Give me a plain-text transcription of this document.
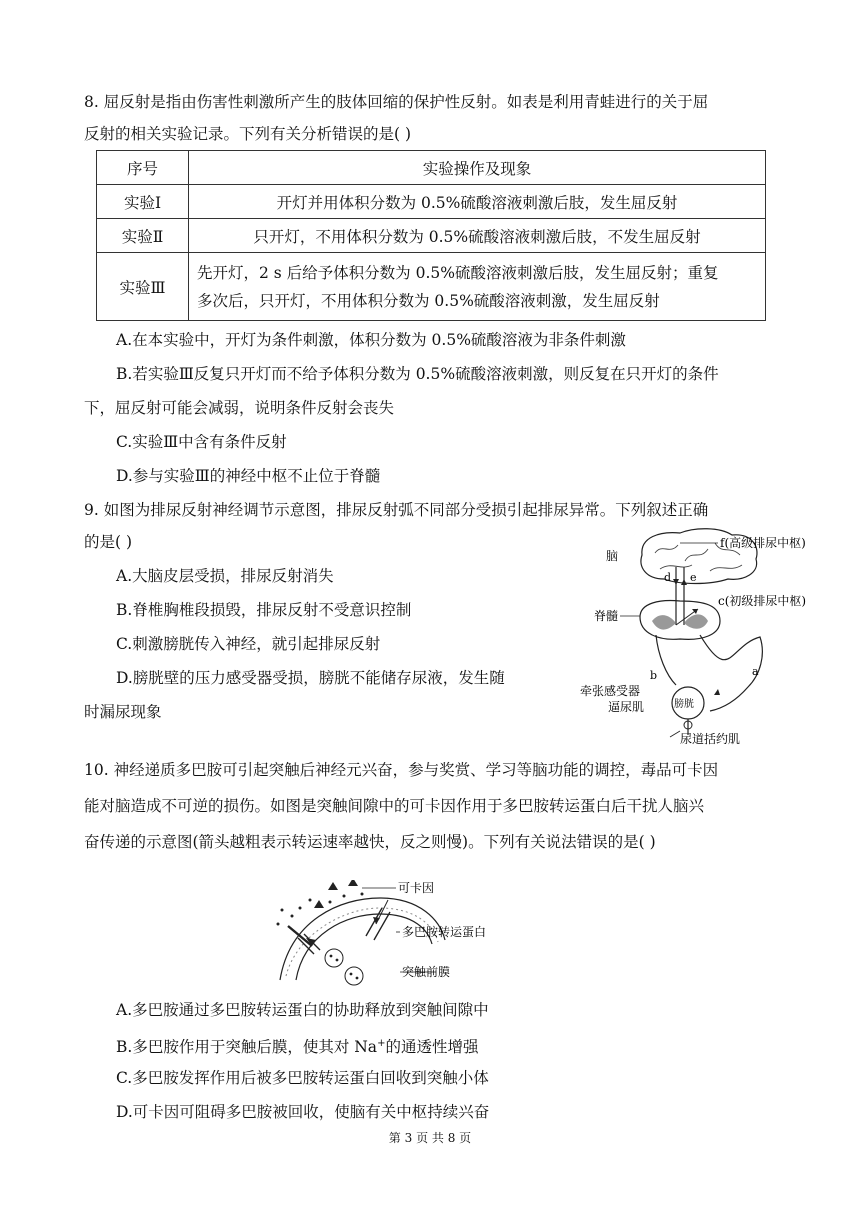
8. 屈反射是指由伤害性刺激所产生的肢体回缩的保护性反射。如表是利用青蛙进行的关于屈
反射的相关实验记录。下列有关分析错误的是( )
序号	实验操作及现象
实验Ⅰ	开灯并用体积分数为 0.5%硫酸溶液刺激后肢，发生屈反射
实验Ⅱ	只开灯，不用体积分数为 0.5%硫酸溶液刺激后肢，不发生屈反射
实验Ⅲ	先开灯，2 s 后给予体积分数为 0.5%硫酸溶液刺激后肢，发生屈反射；重复
多次后，只开灯，不用体积分数为 0.5%硫酸溶液刺激，发生屈反射
A.在本实验中，开灯为条件刺激，体积分数为 0.5%硫酸溶液为非条件刺激
B.若实验Ⅲ反复只开灯而不给予体积分数为 0.5%硫酸溶液刺激，则反复在只开灯的条件
下，屈反射可能会减弱，说明条件反射会丧失
C.实验Ⅲ中含有条件反射
D.参与实验Ⅲ的神经中枢不止位于脊髓
9. 如图为排尿反射神经调节示意图，排尿反射弧不同部分受损引起排尿异常。下列叙述正确
的是( )
A.大脑皮层受损，排尿反射消失
B.脊椎胸椎段损毁，排尿反射不受意识控制
C.刺激膀胱传入神经，就引起排尿反射
D.膀胱壁的压力感受器受损，膀胱不能储存尿液，发生随
时漏尿现象
脑
f(高级排尿中枢)
d e
脊髓
c(初级排尿中枢)
b	a
牵张感受器
逼尿肌	膀胱
尿道括约肌
10. 神经递质多巴胺可引起突触后神经元兴奋，参与奖赏、学习等脑功能的调控，毒品可卡因
能对脑造成不可逆的损伤。如图是突触间隙中的可卡因作用于多巴胺转运蛋白后干扰人脑兴
奋传递的示意图(箭头越粗表示转运速率越快，反之则慢)。下列有关说法错误的是( )
可卡因
多巴胺转运蛋白
突触前膜
A.多巴胺通过多巴胺转运蛋白的协助释放到突触间隙中
B.多巴胺作用于突触后膜，使其对 Na+的通透性增强
C.多巴胺发挥作用后被多巴胺转运蛋白回收到突触小体
D.可卡因可阻碍多巴胺被回收，使脑有关中枢持续兴奋
第 3 页 共 8 页
